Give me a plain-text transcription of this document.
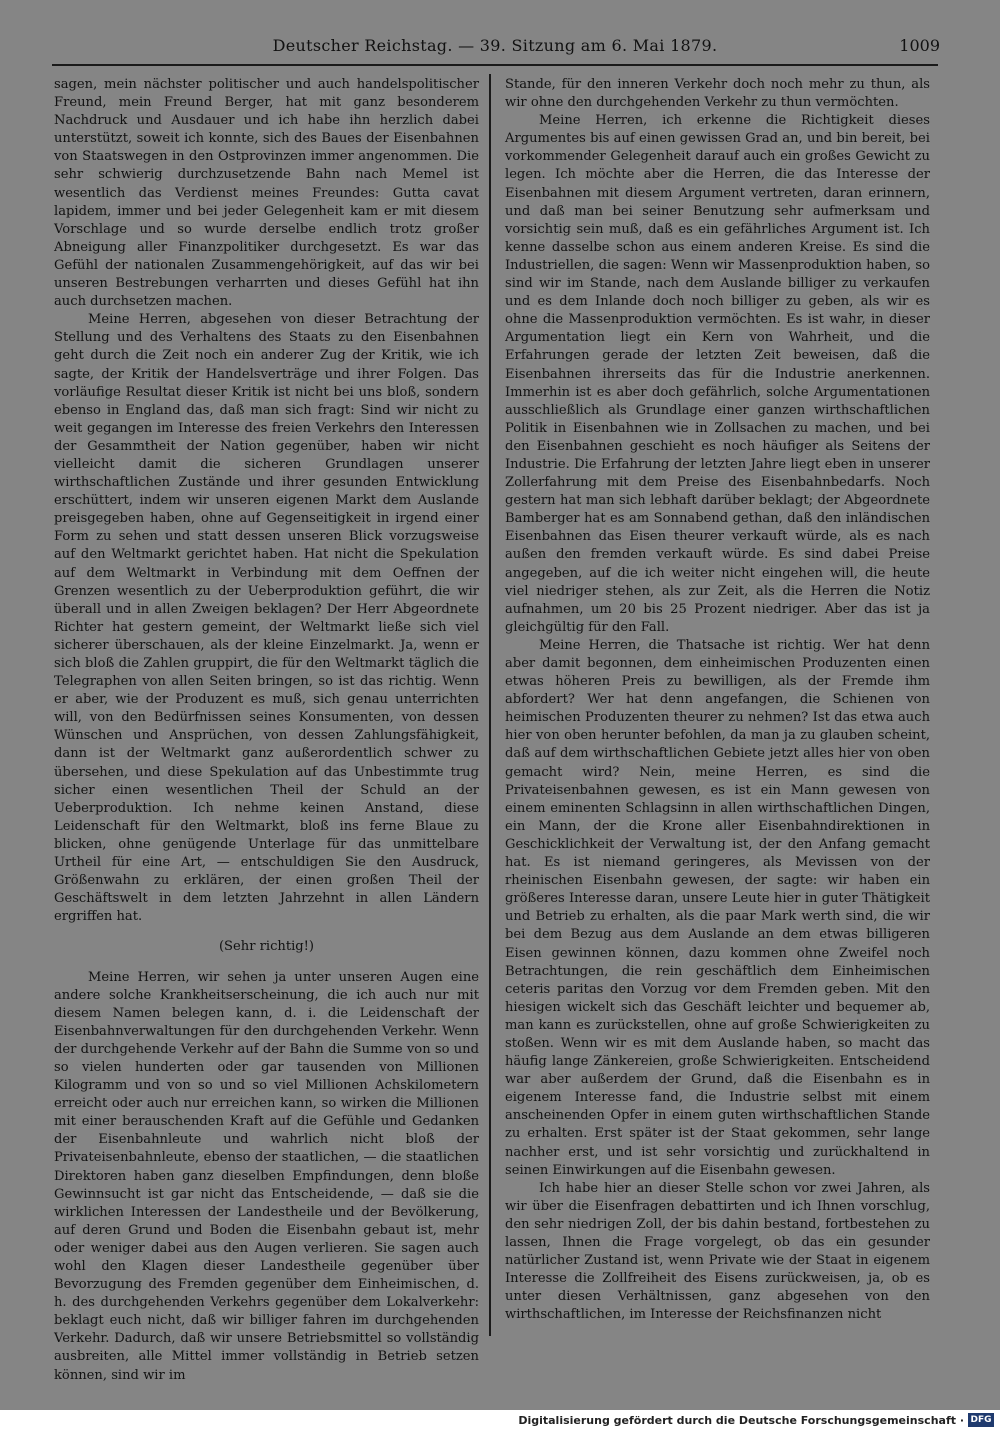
Deutscher Reichstag. — 39. Sitzung am 6. Mai 1879.	1009

sagen, mein nächster politischer und auch handelspolitischer Freund, mein Freund Berger, hat mit ganz besonderem Nachdruck und Ausdauer und ich habe ihn herzlich dabei unterstützt, soweit ich konnte, sich des Baues der Eisenbahnen von Staatswegen in den Ostprovinzen immer angenommen. Die sehr schwierig durchzusetzende Bahn nach Memel ist wesentlich das Verdienst meines Freundes: Gutta cavat lapidem, immer und bei jeder Gelegenheit kam er mit diesem Vorschlage und so wurde derselbe endlich trotz großer Abneigung aller Finanzpolitiker durchgesetzt. Es war das Gefühl der nationalen Zusammengehörigkeit, auf das wir bei unseren Bestrebungen verharrten und dieses Gefühl hat ihn auch durchsetzen machen.

Meine Herren, abgesehen von dieser Betrachtung der Stellung und des Verhaltens des Staats zu den Eisenbahnen geht durch die Zeit noch ein anderer Zug der Kritik, wie ich sagte, der Kritik der Handelsverträge und ihrer Folgen. Das vorläufige Resultat dieser Kritik ist nicht bei uns bloß, sondern ebenso in England das, daß man sich fragt: Sind wir nicht zu weit gegangen im Interesse des freien Verkehrs den Interessen der Gesammtheit der Nation gegenüber, haben wir nicht vielleicht damit die sicheren Grundlagen unserer wirthschaftlichen Zustände und ihrer gesunden Entwicklung erschüttert, indem wir unseren eigenen Markt dem Auslande preisgegeben haben, ohne auf Gegenseitigkeit in irgend einer Form zu sehen und statt dessen unseren Blick vorzugsweise auf den Weltmarkt gerichtet haben. Hat nicht die Spekulation auf dem Weltmarkt in Verbindung mit dem Oeffnen der Grenzen wesentlich zu der Ueberproduktion geführt, die wir überall und in allen Zweigen beklagen? Der Herr Abgeordnete Richter hat gestern gemeint, der Weltmarkt ließe sich viel sicherer überschauen, als der kleine Einzelmarkt. Ja, wenn er sich bloß die Zahlen gruppirt, die für den Weltmarkt täglich die Telegraphen von allen Seiten bringen, so ist das richtig. Wenn er aber, wie der Produzent es muß, sich genau unterrichten will, von den Bedürfnissen seines Konsumenten, von dessen Wünschen und Ansprüchen, von dessen Zahlungsfähigkeit, dann ist der Weltmarkt ganz außerordentlich schwer zu übersehen, und diese Spekulation auf das Unbestimmte trug sicher einen wesentlichen Theil der Schuld an der Ueberproduktion. Ich nehme keinen Anstand, diese Leidenschaft für den Weltmarkt, bloß ins ferne Blaue zu blicken, ohne genügende Unterlage für das unmittelbare Urtheil für eine Art, — entschuldigen Sie den Ausdruck, Größenwahn zu erklären, der einen großen Theil der Geschäftswelt in dem letzten Jahrzehnt in allen Ländern ergriffen hat.

(Sehr richtig!)

Meine Herren, wir sehen ja unter unseren Augen eine andere solche Krankheitserscheinung, die ich auch nur mit diesem Namen belegen kann, d. i. die Leidenschaft der Eisenbahnverwaltungen für den durchgehenden Verkehr. Wenn der durchgehende Verkehr auf der Bahn die Summe von so und so vielen hunderten oder gar tausenden von Millionen Kilogramm und von so und so viel Millionen Achskilometern erreicht oder auch nur erreichen kann, so wirken die Millionen mit einer berauschenden Kraft auf die Gefühle und Gedanken der Eisenbahnleute und wahrlich nicht bloß der Privateisenbahnleute, ebenso der staatlichen, — die staatlichen Direktoren haben ganz dieselben Empfindungen, denn bloße Gewinnsucht ist gar nicht das Entscheidende, — daß sie die wirklichen Interessen der Landestheile und der Bevölkerung, auf deren Grund und Boden die Eisenbahn gebaut ist, mehr oder weniger dabei aus den Augen verlieren. Sie sagen auch wohl den Klagen dieser Landestheile gegenüber über Bevorzugung des Fremden gegenüber dem Einheimischen, d. h. des durchgehenden Verkehrs gegenüber dem Lokalverkehr: beklagt euch nicht, daß wir billiger fahren im durchgehenden Verkehr. Dadurch, daß wir unsere Betriebsmittel so vollständig ausbreiten, alle Mittel immer vollständig in Betrieb setzen können, sind wir im

Stande, für den inneren Verkehr doch noch mehr zu thun, als wir ohne den durchgehenden Verkehr zu thun vermöchten.

Meine Herren, ich erkenne die Richtigkeit dieses Argumentes bis auf einen gewissen Grad an, und bin bereit, bei vorkommender Gelegenheit darauf auch ein großes Gewicht zu legen. Ich möchte aber die Herren, die das Interesse der Eisenbahnen mit diesem Argument vertreten, daran erinnern, und daß man bei seiner Benutzung sehr aufmerksam und vorsichtig sein muß, daß es ein gefährliches Argument ist. Ich kenne dasselbe schon aus einem anderen Kreise. Es sind die Industriellen, die sagen: Wenn wir Massenproduktion haben, so sind wir im Stande, nach dem Auslande billiger zu verkaufen und es dem Inlande doch noch billiger zu geben, als wir es ohne die Massenproduktion vermöchten. Es ist wahr, in dieser Argumentation liegt ein Kern von Wahrheit, und die Erfahrungen gerade der letzten Zeit beweisen, daß die Eisenbahnen ihrerseits das für die Industrie anerkennen. Immerhin ist es aber doch gefährlich, solche Argumentationen ausschließlich als Grundlage einer ganzen wirthschaftlichen Politik in Eisenbahnen wie in Zollsachen zu machen, und bei den Eisenbahnen geschieht es noch häufiger als Seitens der Industrie. Die Erfahrung der letzten Jahre liegt eben in unserer Zollerfahrung mit dem Preise des Eisenbahnbedarfs. Noch gestern hat man sich lebhaft darüber beklagt; der Abgeordnete Bamberger hat es am Sonnabend gethan, daß den inländischen Eisenbahnen das Eisen theurer verkauft würde, als es nach außen den fremden verkauft würde. Es sind dabei Preise angegeben, auf die ich weiter nicht eingehen will, die heute viel niedriger stehen, als zur Zeit, als die Herren die Notiz aufnahmen, um 20 bis 25 Prozent niedriger. Aber das ist ja gleichgültig für den Fall.

Meine Herren, die Thatsache ist richtig. Wer hat denn aber damit begonnen, dem einheimischen Produzenten einen etwas höheren Preis zu bewilligen, als der Fremde ihm abfordert? Wer hat denn angefangen, die Schienen von heimischen Produzenten theurer zu nehmen? Ist das etwa auch hier von oben herunter befohlen, da man ja zu glauben scheint, daß auf dem wirthschaftlichen Gebiete jetzt alles hier von oben gemacht wird? Nein, meine Herren, es sind die Privateisenbahnen gewesen, es ist ein Mann gewesen von einem eminenten Schlagsinn in allen wirthschaftlichen Dingen, ein Mann, der die Krone aller Eisenbahndirektionen in Geschicklichkeit der Verwaltung ist, der den Anfang gemacht hat. Es ist niemand geringeres, als Mevissen von der rheinischen Eisenbahn gewesen, der sagte: wir haben ein größeres Interesse daran, unsere Leute hier in guter Thätigkeit und Betrieb zu erhalten, als die paar Mark werth sind, die wir bei dem Bezug aus dem Auslande an dem etwas billigeren Eisen gewinnen können, dazu kommen ohne Zweifel noch Betrachtungen, die rein geschäftlich dem Einheimischen ceteris paritas den Vorzug vor dem Fremden geben. Mit den hiesigen wickelt sich das Geschäft leichter und bequemer ab, man kann es zurückstellen, ohne auf große Schwierigkeiten zu stoßen. Wenn wir es mit dem Auslande haben, so macht das häufig lange Zänkereien, große Schwierigkeiten. Entscheidend war aber außerdem der Grund, daß die Eisenbahn es in eigenem Interesse fand, die Industrie selbst mit einem anscheinenden Opfer in einem guten wirthschaftlichen Stande zu erhalten. Erst später ist der Staat gekommen, sehr lange nachher erst, und ist sehr vorsichtig und zurückhaltend in seinen Einwirkungen auf die Eisenbahn gewesen.

Ich habe hier an dieser Stelle schon vor zwei Jahren, als wir über die Eisenfragen debattirten und ich Ihnen vorschlug, den sehr niedrigen Zoll, der bis dahin bestand, fortbestehen zu lassen, Ihnen die Frage vorgelegt, ob das ein gesunder natürlicher Zustand ist, wenn Private wie der Staat in eigenem Interesse die Zollfreiheit des Eisens zurückweisen, ja, ob es unter diesen Verhältnissen, ganz abgesehen von den wirthschaftlichen, im Interesse der Reichsfinanzen nicht

Digitalisierung gefördert durch die Deutsche Forschungsgemeinschaft · DFG
